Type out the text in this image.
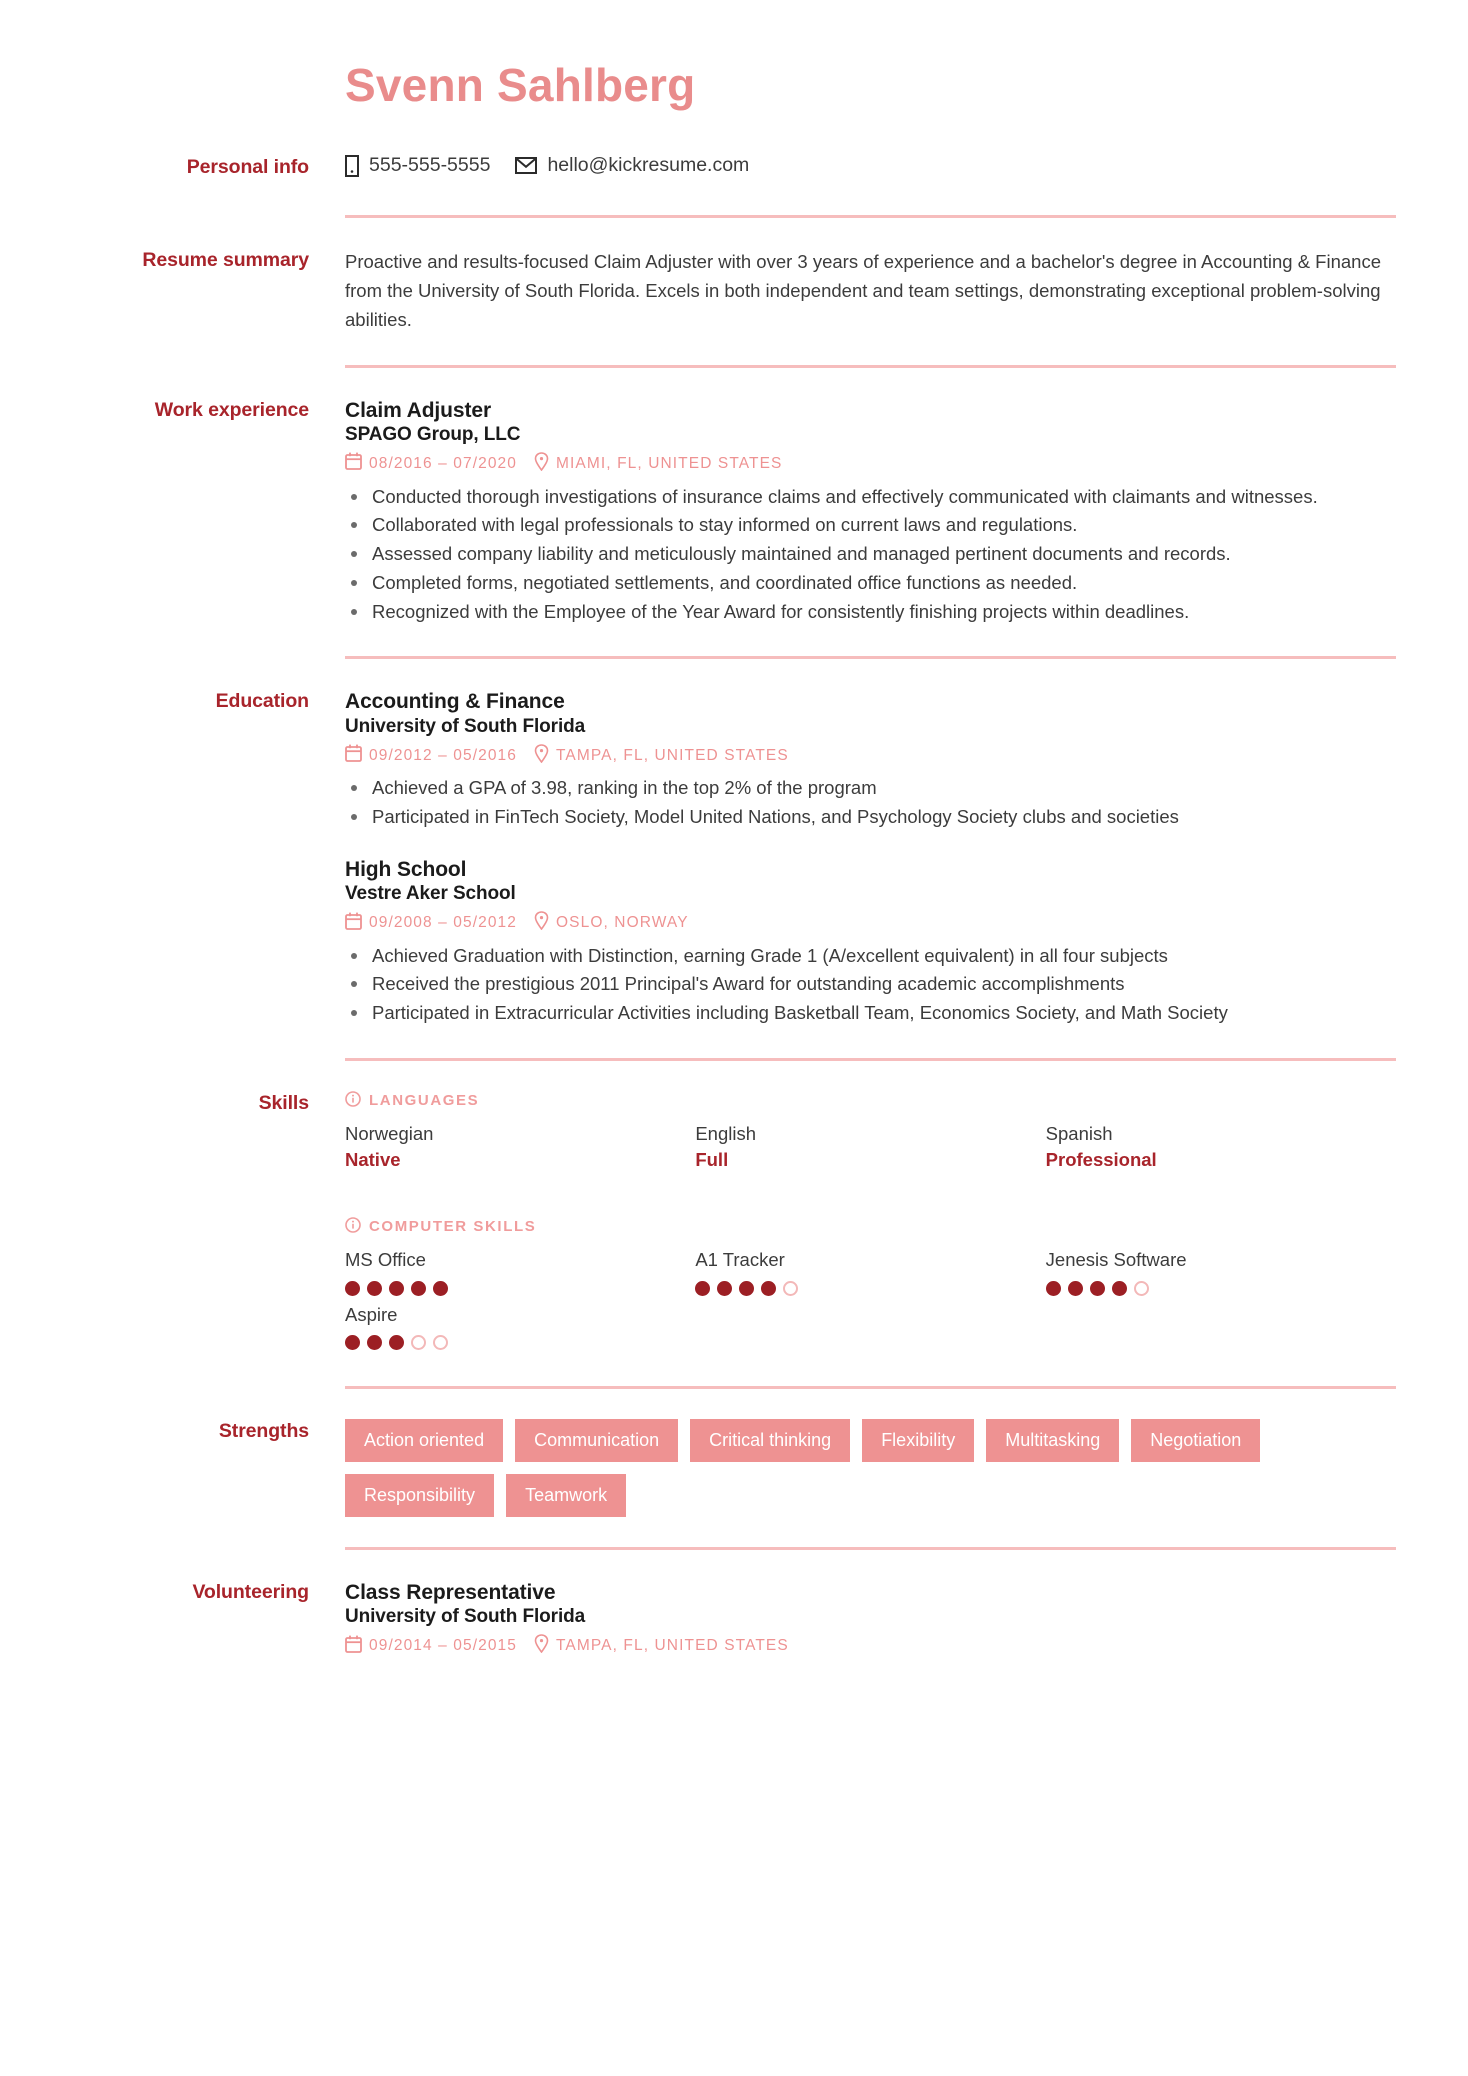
Svenn Sahlberg
Personal info	555-555-5555	hello@kickresume.com
Resume summary	Proactive and results-focused Claim Adjuster with over 3 years of experience and a bachelor's degree in Accounting & Finance from the University of South Florida. Excels in both independent and team settings, demonstrating exceptional problem-solving abilities.
Work experience	Claim Adjuster
SPAGO Group, LLC
08/2016 – 07/2020	MIAMI, FL, UNITED STATES
Conducted thorough investigations of insurance claims and effectively communicated with claimants and witnesses.
Collaborated with legal professionals to stay informed on current laws and regulations.
Assessed company liability and meticulously maintained and managed pertinent documents and records.
Completed forms, negotiated settlements, and coordinated office functions as needed.
Recognized with the Employee of the Year Award for consistently finishing projects within deadlines.
Education	Accounting & Finance
University of South Florida
09/2012 – 05/2016	TAMPA, FL, UNITED STATES
Achieved a GPA of 3.98, ranking in the top 2% of the program
Participated in FinTech Society, Model United Nations, and Psychology Society clubs and societies
High School
Vestre Aker School
09/2008 – 05/2012	OSLO, NORWAY
Achieved Graduation with Distinction, earning Grade 1 (A/excellent equivalent) in all four subjects
Received the prestigious 2011 Principal's Award for outstanding academic accomplishments
Participated in Extracurricular Activities including Basketball Team, Economics Society, and Math Society
Skills	LANGUAGES
Norwegian
Native
English
Full
Spanish
Professional
COMPUTER SKILLS
MS Office	A1 Tracker	Jenesis Software
Aspire
Strengths	Action oriented	Communication	Critical thinking	Flexibility	Multitasking	Negotiation
Responsibility	Teamwork
Volunteering	Class Representative
University of South Florida
09/2014 – 05/2015	TAMPA, FL, UNITED STATES
